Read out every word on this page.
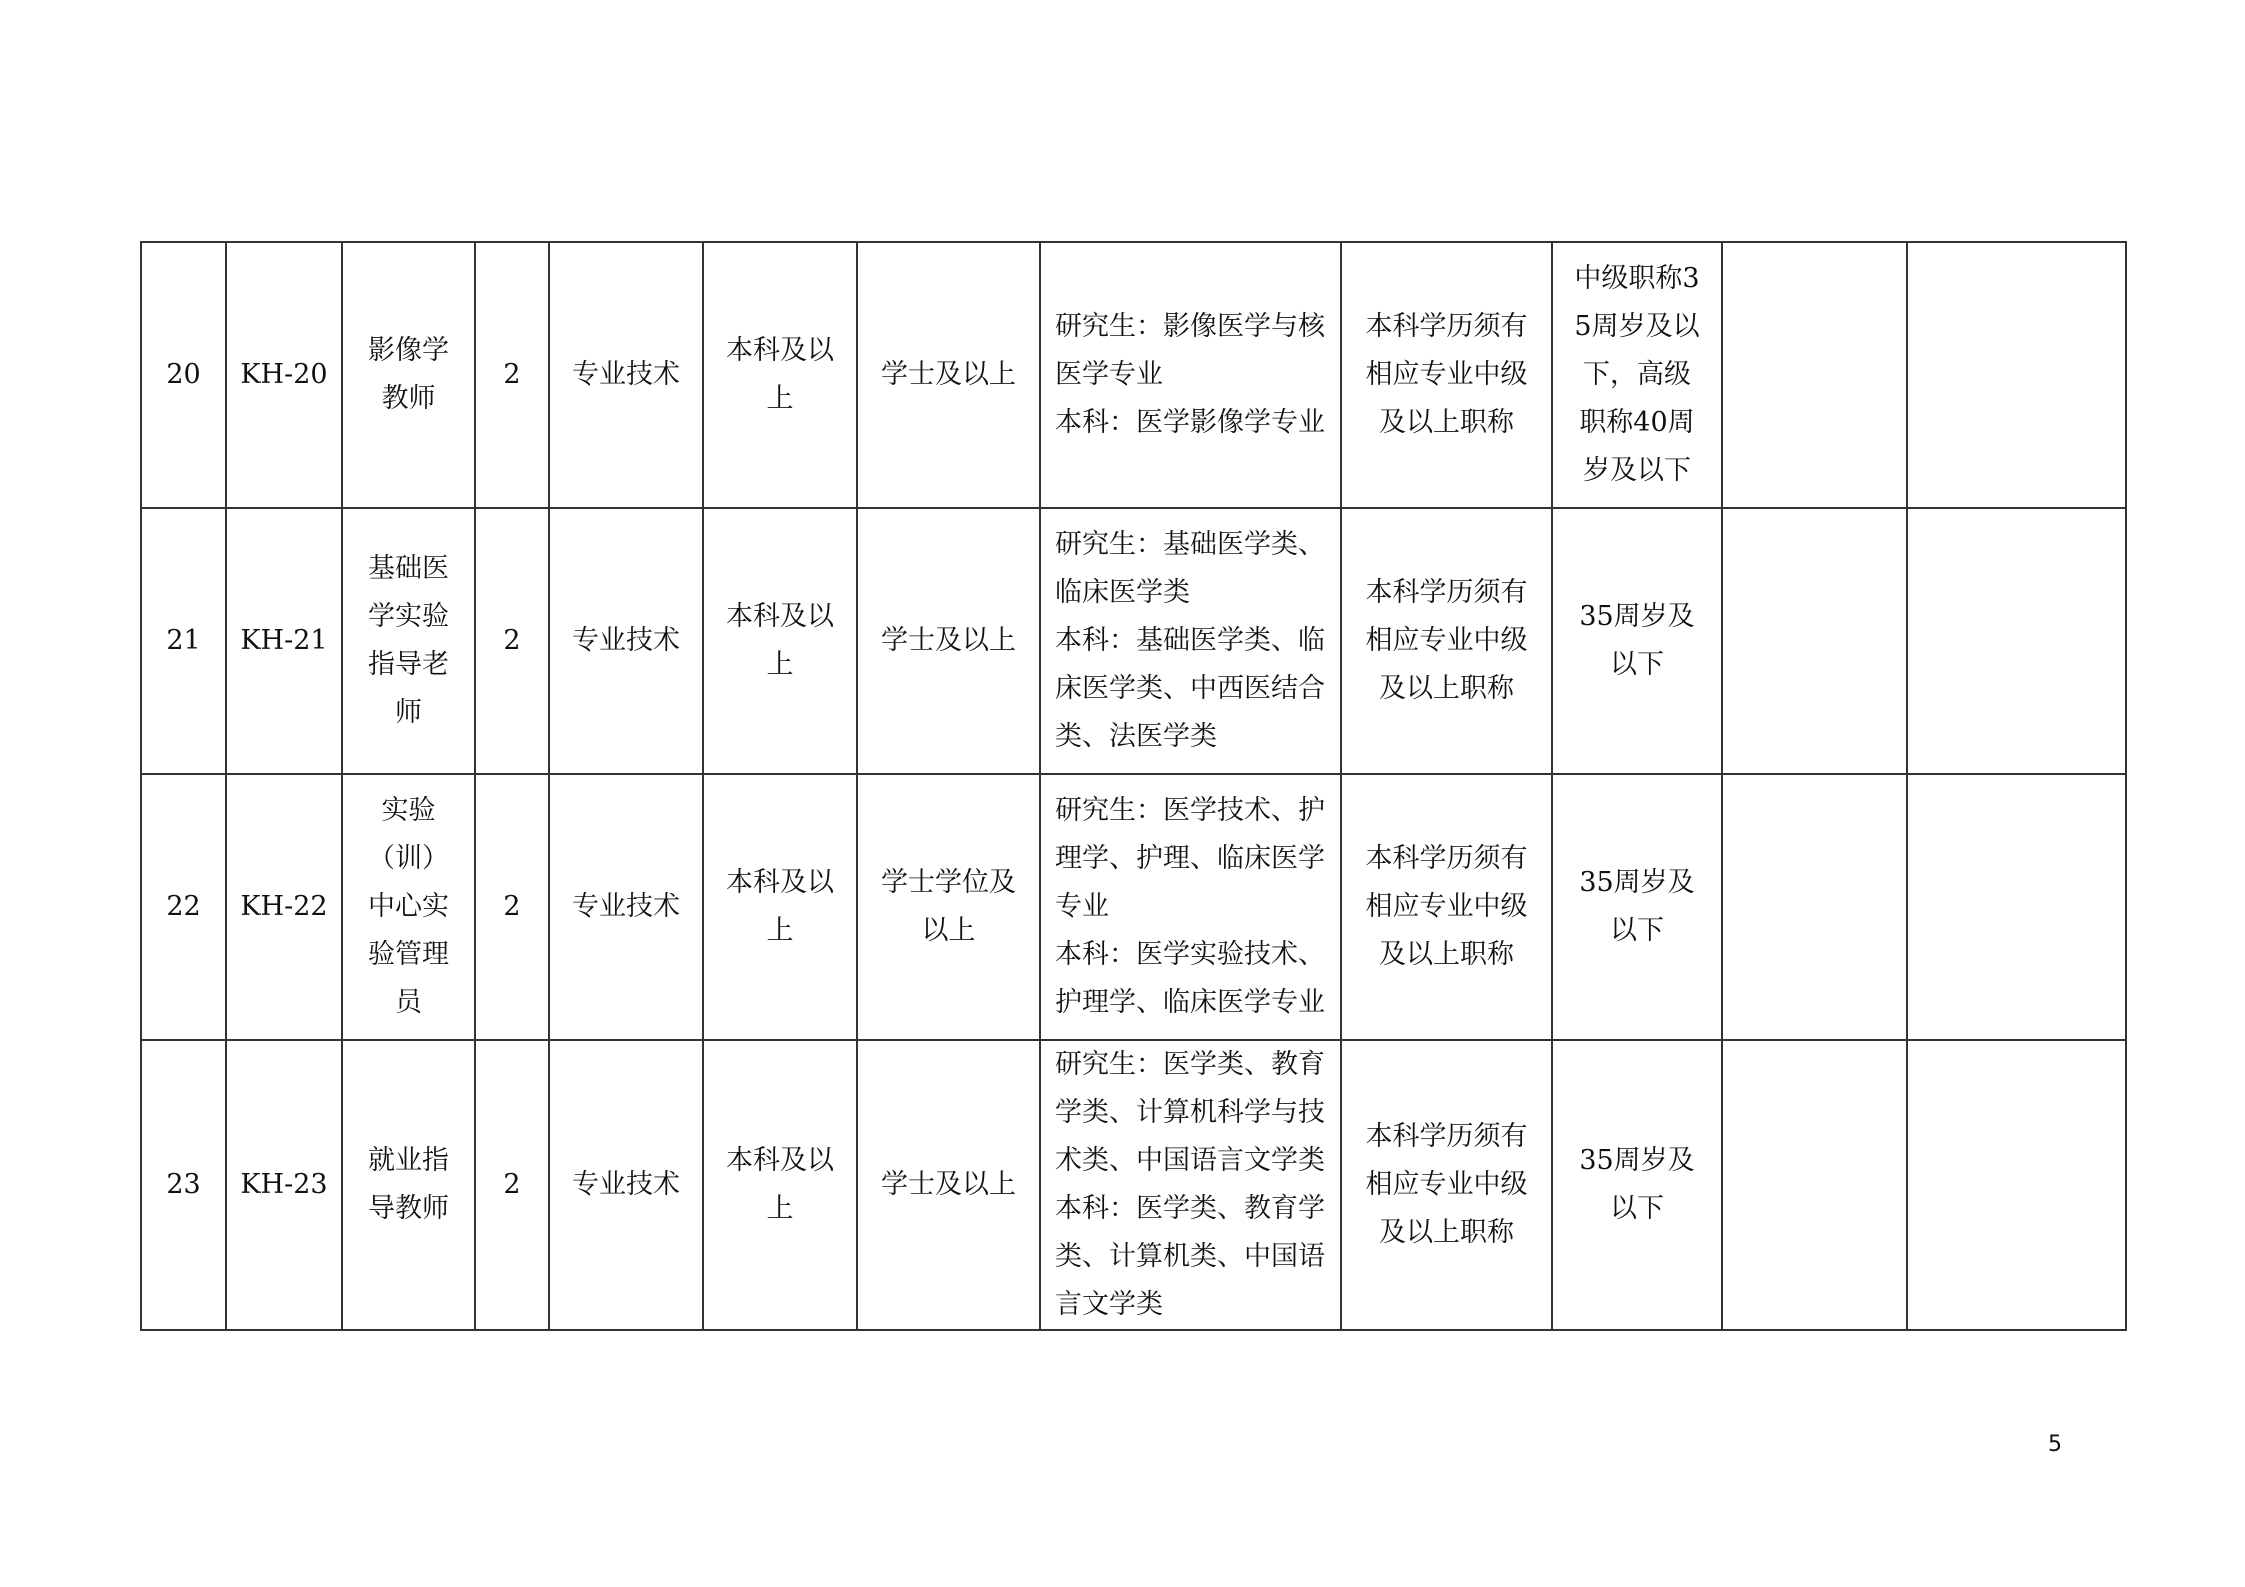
20	KH-20	影像学教师	2	专业技术	本科及以上	学士及以上	研究生：影像医学与核医学专业
本科：医学影像学专业	本科学历须有相应专业中级及以上职称	中级职称35周岁及以下，高级职称40周岁及以下		
21	KH-21	基础医学实验指导老师	2	专业技术	本科及以上	学士及以上	研究生：基础医学类、临床医学类
本科：基础医学类、临床医学类、中西医结合类、法医学类	本科学历须有相应专业中级及以上职称	35周岁及以下		
22	KH-22	实验（训）中心实验管理员	2	专业技术	本科及以上	学士学位及以上	研究生：医学技术、护理学、护理、临床医学专业
本科：医学实验技术、护理学、临床医学专业	本科学历须有相应专业中级及以上职称	35周岁及以下		
23	KH-23	就业指导教师	2	专业技术	本科及以上	学士及以上	研究生：医学类、教育学类、计算机科学与技术类、中国语言文学类
本科：医学类、教育学类、计算机类、中国语言文学类	本科学历须有相应专业中级及以上职称	35周岁及以下		
5
